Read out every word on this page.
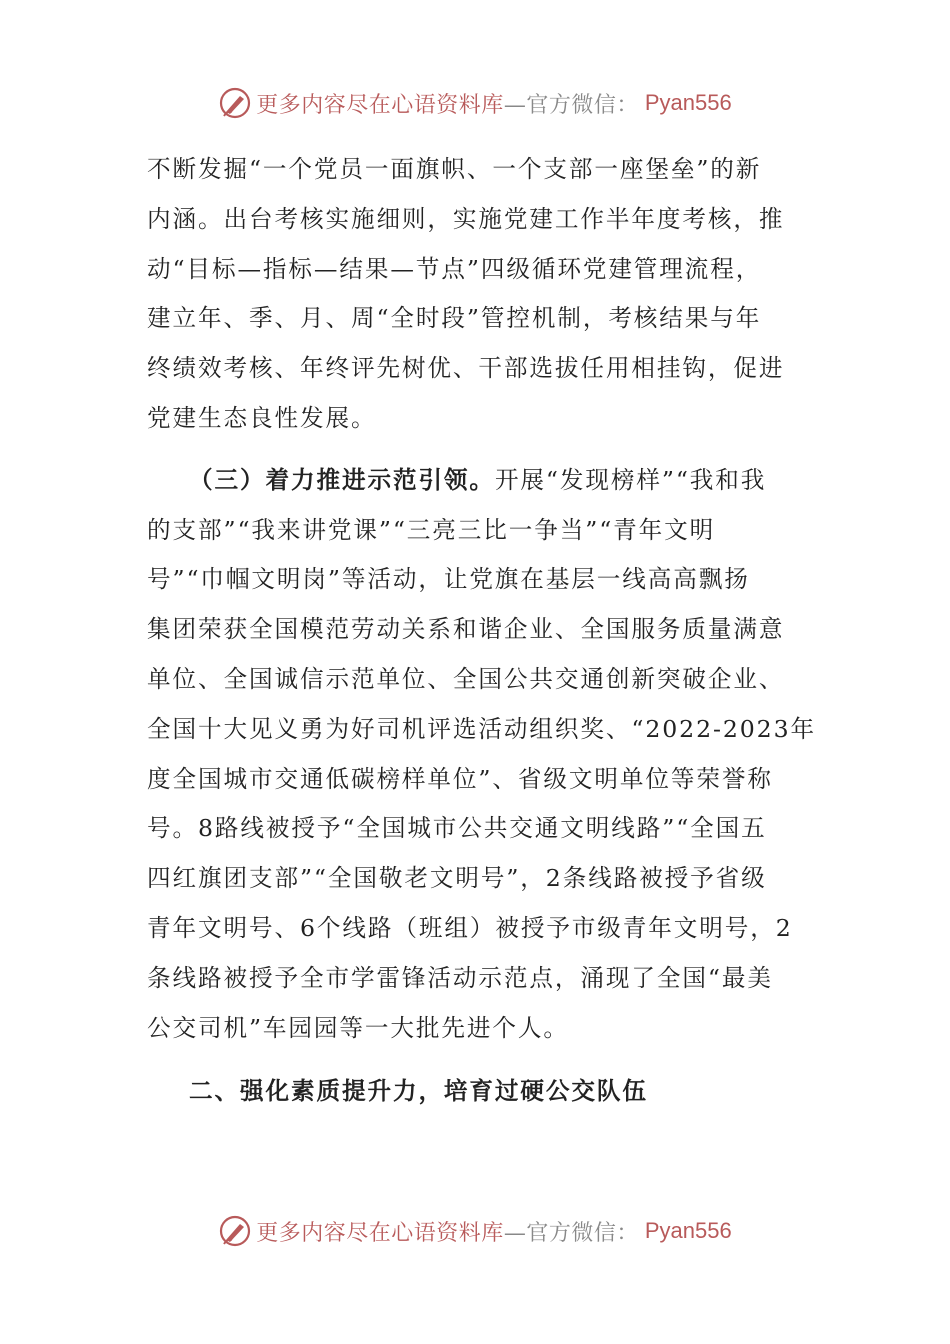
更多内容尽在心语资料库 —官方微信： Pyan556
不断发掘“一个党员一面旗帜、一个支部一座堡垒”的新
内涵。出台考核实施细则，实施党建工作半年度考核，推
动“目标—指标—结果—节点”四级循环党建管理流程，
建立年、季、月、周“全时段”管控机制，考核结果与年
终绩效考核、年终评先树优、干部选拔任用相挂钩，促进
党建生态良性发展。
（三）着力推进示范引领。开展“发现榜样”“我和我
的支部”“我来讲党课”“三亮三比一争当”“青年文明
号”“巾帼文明岗”等活动，让党旗在基层一线高高飘扬
集团荣获全国模范劳动关系和谐企业、全国服务质量满意
单位、全国诚信示范单位、全国公共交通创新突破企业、
全国十大见义勇为好司机评选活动组织奖、“2022-2023年
度全国城市交通低碳榜样单位”、省级文明单位等荣誉称
号。8路线被授予“全国城市公共交通文明线路”“全国五
四红旗团支部”“全国敬老文明号”，2条线路被授予省级
青年文明号、6个线路（班组）被授予市级青年文明号，2
条线路被授予全市学雷锋活动示范点，涌现了全国“最美
公交司机”车园园等一大批先进个人。
二、强化素质提升力，培育过硬公交队伍
更多内容尽在心语资料库 —官方微信： Pyan556
